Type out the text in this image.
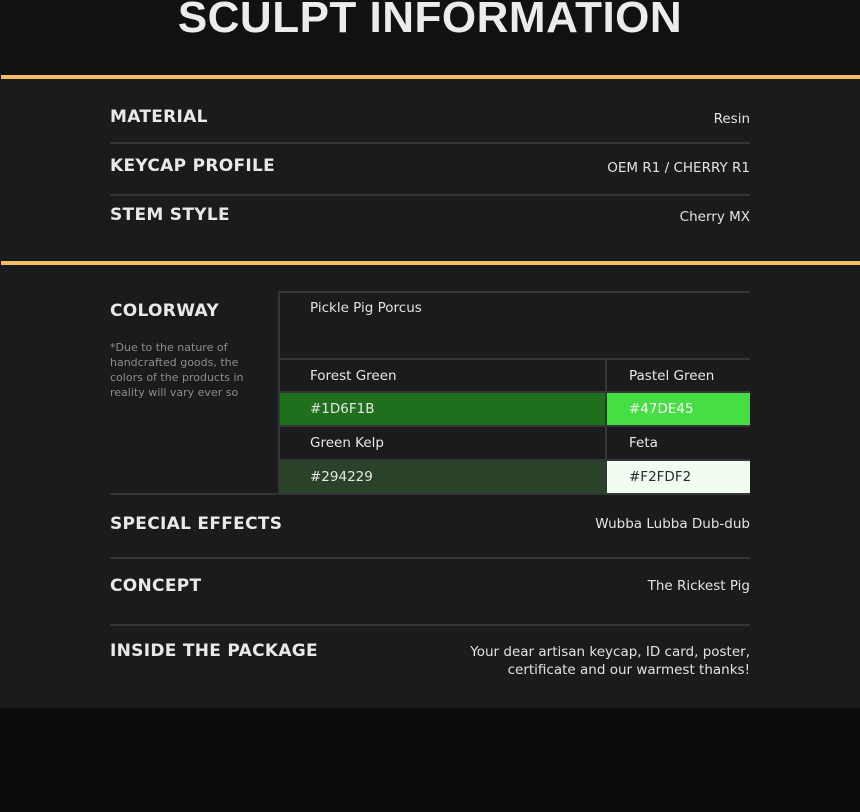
SCULPT INFORMATION
MATERIAL	Resin
KEYCAP PROFILE	OEM R1 / CHERRY R1
STEM STYLE	Cherry MX
COLORWAY
*Due to the nature of handcrafted goods, the colors of the products in reality will vary ever so
Pickle Pig Porcus
Forest Green	Pastel Green
#1D6F1B	#47DE45
Green Kelp	Feta
#294229	#F2FDF2
SPECIAL EFFECTS	Wubba Lubba Dub-dub
CONCEPT	The Rickest Pig
INSIDE THE PACKAGE	Your dear artisan keycap, ID card, poster, certificate and our warmest thanks!
